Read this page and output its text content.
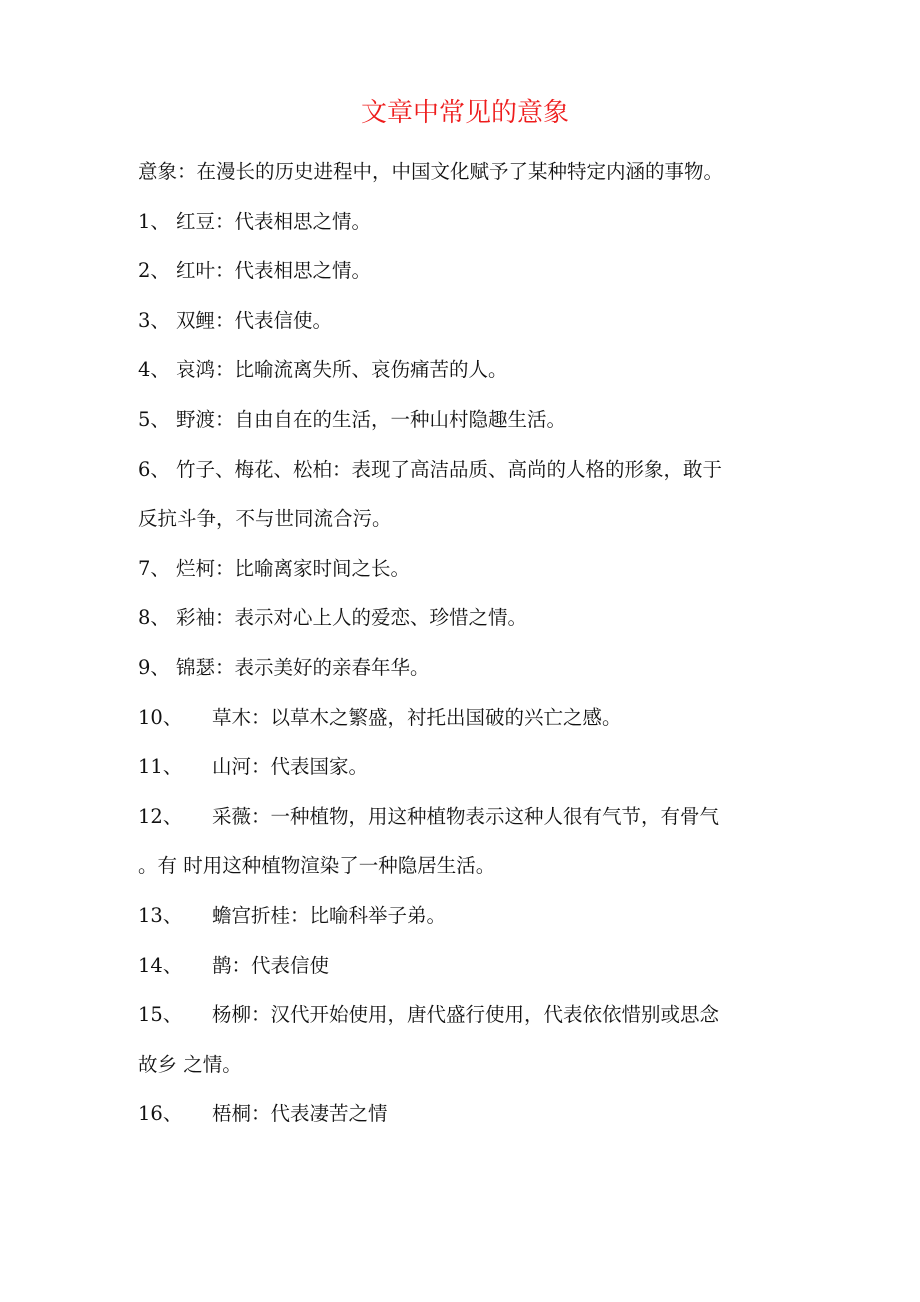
文章中常见的意象
意象：在漫长的历史进程中，中国文化赋予了某种特定内涵的事物。
1、 红豆：代表相思之情。
2、 红叶：代表相思之情。
3、 双鲤：代表信使。
4、 哀鸿：比喻流离失所、哀伤痛苦的人。
5、 野渡：自由自在的生活，一种山村隐趣生活。
6、 竹子、梅花、松柏：表现了高洁品质、高尚的人格的形象，敢于
反抗斗争，不与世同流合污。
7、 烂柯：比喻离家时间之长。
8、 彩袖：表示对心上人的爱恋、珍惜之情。
9、 锦瑟：表示美好的亲春年华。
10、 草木：以草木之繁盛，衬托出国破的兴亡之感。
11、 山河：代表国家。
12、 采薇：一种植物，用这种植物表示这种人很有气节，有骨气
。有 时用这种植物渲染了一种隐居生活。
13、 蟾宫折桂：比喻科举子弟。
14、 鹊：代表信使
15、 杨柳：汉代开始使用，唐代盛行使用，代表依依惜别或思念
故乡 之情。
16、 梧桐：代表凄苦之情
